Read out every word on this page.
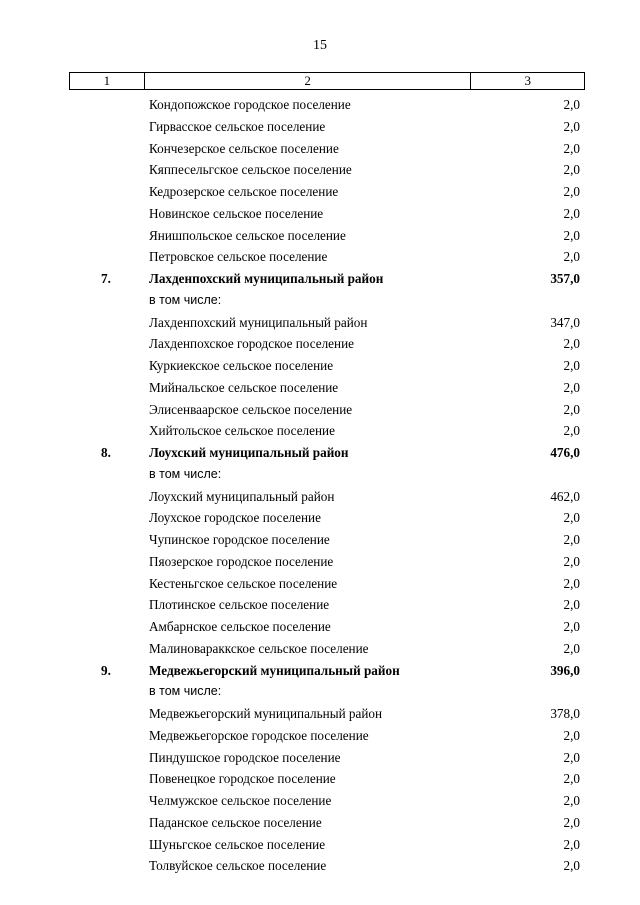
15
1	2	3
Кондопожское городское поселение	2,0
Гирвасское сельское поселение	2,0
Кончезерское сельское поселение	2,0
Кяппесельгское сельское поселение	2,0
Кедрозерское сельское поселение	2,0
Новинское сельское поселение	2,0
Янишпольское сельское поселение	2,0
Петровское сельское поселение	2,0
7.	Лахденпохский муниципальный район	357,0
в том числе:
Лахденпохский муниципальный район	347,0
Лахденпохское городское поселение	2,0
Куркиекское сельское поселение	2,0
Мийнальское сельское поселение	2,0
Элисенваарское сельское поселение	2,0
Хийтольское сельское поселение	2,0
8.	Лоухский муниципальный район	476,0
в том числе:
Лоухский муниципальный район	462,0
Лоухское городское поселение	2,0
Чупинское городское поселение	2,0
Пяозерское городское поселение	2,0
Кестеньгское сельское поселение	2,0
Плотинское сельское поселение	2,0
Амбарнское сельское поселение	2,0
Малиновараккское сельское поселение	2,0
9.	Медвежьегорский муниципальный район	396,0
в том числе:
Медвежьегорский муниципальный район	378,0
Медвежьегорское городское поселение	2,0
Пиндушское городское поселение	2,0
Повенецкое городское поселение	2,0
Челмужское сельское поселение	2,0
Паданское сельское поселение	2,0
Шуньгское сельское поселение	2,0
Толвуйское сельское поселение	2,0
